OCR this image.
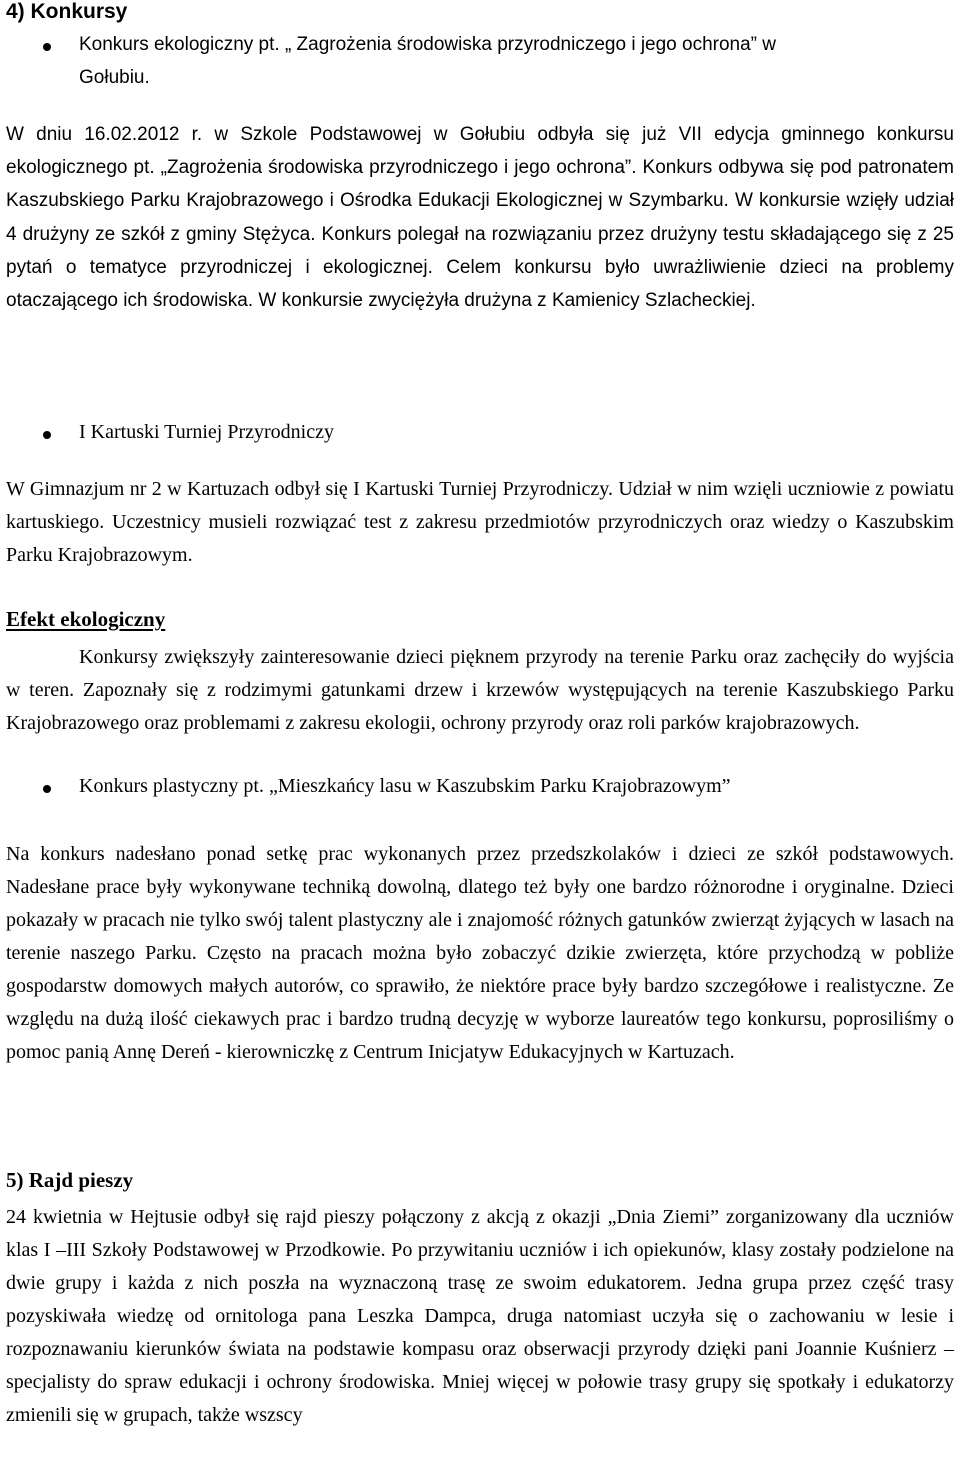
4) Konkursy
Konkurs ekologiczny pt. „ Zagrożenia środowiska przyrodniczego i jego ochrona” w
Gołubiu.

W dniu 16.02.2012 r. w Szkole Podstawowej w Gołubiu odbyła się już VII edycja gminnego konkursu ekologicznego pt. „Zagrożenia środowiska przyrodniczego i jego ochrona”. Konkurs odbywa się pod patronatem Kaszubskiego Parku Krajobrazowego i Ośrodka Edukacji Ekologicznej w Szymbarku. W konkursie wzięły udział 4 drużyny ze szkół z gminy Stężyca. Konkurs polegał na rozwiązaniu przez drużyny testu składającego się z 25 pytań o tematyce przyrodniczej i ekologicznej. Celem konkursu było uwrażliwienie dzieci na problemy otaczającego ich środowiska. W konkursie zwyciężyła drużyna z Kamienicy Szlacheckiej.

I Kartuski Turniej Przyrodniczy

W Gimnazjum nr 2 w Kartuzach odbył się I Kartuski Turniej Przyrodniczy. Udział w nim wzięli uczniowie z powiatu kartuskiego. Uczestnicy musieli rozwiązać test z zakresu przedmiotów przyrodniczych oraz wiedzy o Kaszubskim Parku Krajobrazowym.

Efekt ekologiczny

Konkursy zwiększyły zainteresowanie dzieci pięknem przyrody na terenie Parku oraz zachęciły do wyjścia w teren. Zapoznały się z rodzimymi gatunkami drzew i krzewów występujących na terenie Kaszubskiego Parku Krajobrazowego oraz problemami z zakresu ekologii, ochrony przyrody oraz roli parków krajobrazowych.

Konkurs plastyczny pt. „Mieszkańcy lasu w Kaszubskim Parku Krajobrazowym”

Na konkurs nadesłano ponad setkę prac wykonanych przez przedszkolaków i dzieci ze szkół podstawowych. Nadesłane prace były wykonywane techniką dowolną, dlatego też były one bardzo różnorodne i oryginalne. Dzieci pokazały w pracach nie tylko swój talent plastyczny ale i znajomość różnych gatunków zwierząt żyjących w lasach na terenie naszego Parku. Często na pracach można było zobaczyć dzikie zwierzęta, które przychodzą w pobliże gospodarstw domowych małych autorów, co sprawiło, że niektóre prace były bardzo szczegółowe i realistyczne. Ze względu na dużą ilość ciekawych prac i bardzo trudną decyzję w wyborze laureatów tego konkursu, poprosiliśmy o pomoc panią Annę Dereń - kierowniczkę z Centrum Inicjatyw Edukacyjnych w Kartuzach.

5) Rajd pieszy

24 kwietnia w Hejtusie odbył się rajd pieszy połączony z akcją z okazji „Dnia Ziemi” zorganizowany dla uczniów klas I –III Szkoły Podstawowej w Przodkowie. Po przywitaniu uczniów i ich opiekunów, klasy zostały podzielone na dwie grupy i każda z nich poszła na wyznaczoną trasę ze swoim edukatorem. Jedna grupa przez część trasy pozyskiwała wiedzę od ornitologa pana Leszka Dampca, druga natomiast uczyła się o zachowaniu w lesie i rozpoznawaniu kierunków świata na podstawie kompasu oraz obserwacji przyrody dzięki pani Joannie Kuśnierz – specjalisty do spraw edukacji i ochrony środowiska. Mniej więcej w połowie trasy grupy się spotkały i edukatorzy zmienili się w grupach, także wszscy
